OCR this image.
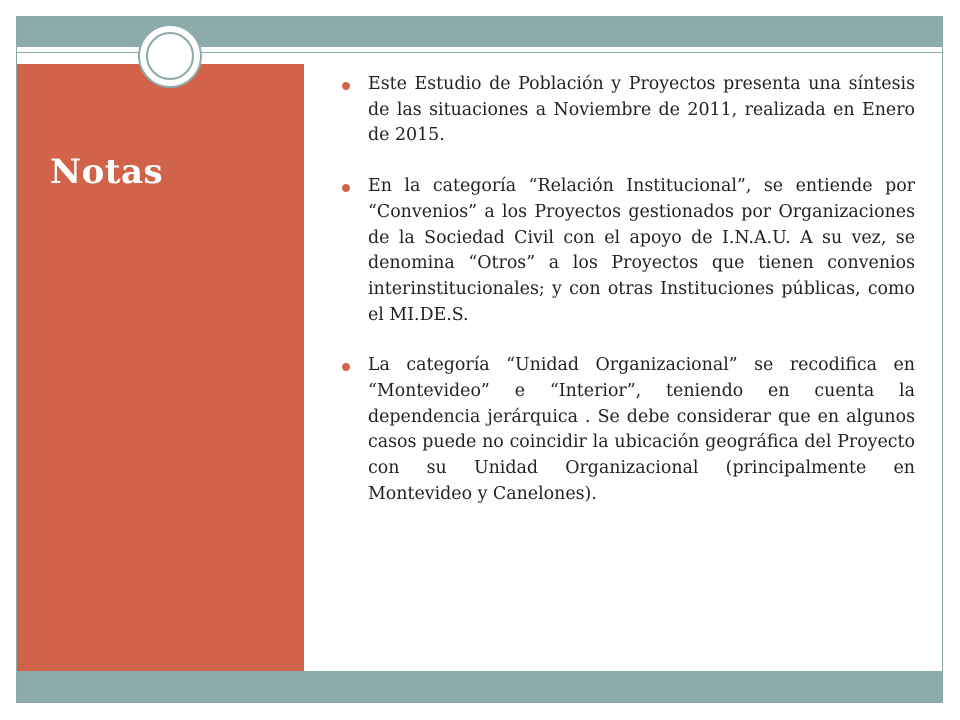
Notas
Este Estudio de Población y Proyectos presenta una síntesis de las situaciones a Noviembre de 2011, realizada en Enero de 2015.
En la categoría “Relación Institucional”, se entiende por “Convenios” a los Proyectos gestionados por Organizaciones de la Sociedad Civil con el apoyo de I.N.A.U. A su vez, se denomina “Otros” a los Proyectos que tienen convenios interinstitucionales; y con otras Instituciones públicas, como el MI.DE.S.
La categoría “Unidad Organizacional” se recodifica en “Montevideo” e “Interior”, teniendo en cuenta la dependencia jerárquica . Se debe considerar que en algunos casos puede no coincidir la ubicación geográfica del Proyecto con su Unidad Organizacional (principalmente en Montevideo y Canelones).
